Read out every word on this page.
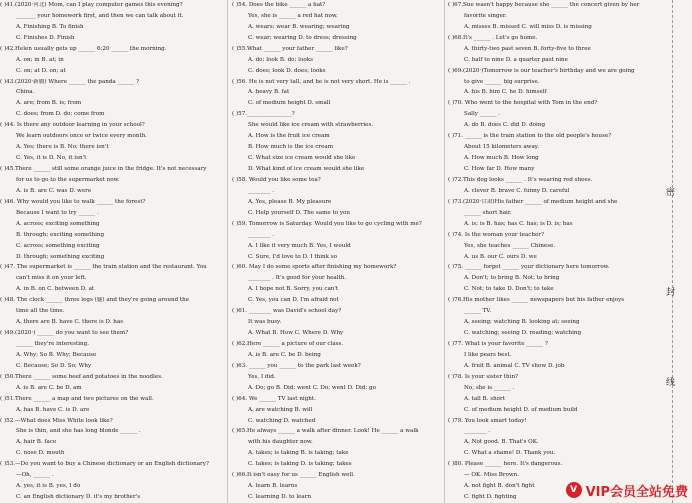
( )41.(2020·河北) Mom, can I play computer games this evening?
_______ your homework first, and then we can talk about it.
A. Finishing B. To finish
C. Finishes D. Finish
( )42.Helen usually gets up ______ 6:20 ______ the morning.
A. on; in B. at; in
C. on; at D. on; at
( )43.(2020·新疆) Where ______ the panda ______ ?
China.
A. are; from B. is; from
C. does; from D. do; come from
( )44. Is there any outdoor learning in your school?
We learn outdoors once or twice every month.
A. Yes; there is B. No; there isn't
C. Yes, it is D. No, it isn't
( )45.There ______ still some orange juice in the fridge. It's not necessary
for us to go to the supermarket now.
A. is B. are C. was D. were
( )46. Why would you like to walk ______ the forest?
Because I want to try ______ .
A. across; exciting something
B. through; exciting something
C. across; something exciting
D. through; something exciting
( )47. The supermarket is ______ the train station and the restaurant. You
can't miss it on your left.
A. in B. on C. between D. at
( )48. The clock ______ three legs (腿) and they're going around the
time all the time.
A. there are B. have C. there is D. has
( )49.(2020·) ______ do you want to see them?
______ they're interesting.
A. Why; So B. Why; Because
C. Because; So D. So; Why
( )50.There ______ some beef and potatoes in the noodles.
A. is B. are C. be D. am
( )51.There ______ a map and two pictures on the wall.
A. has B. have C. is D. are
( )52.—What does Miss White look like?
She is thin, and she has long blonde ______ .
A. hair B. face
C. nose D. mouth
( )53.—Do you want to buy a Chinese dictionary or an English dictionary?
—Oh, ______ .
A. yes, it is B. yes, I do
C. an English dictionary D. it's my brother's
( )54. Does the bike ______ a hat?
Yes, she is ______ a red hat now.
A. wears; wear B. wearing; wearing
C. wear; wearing D. to dress; dressing
( )55.What ______ your father ______ like?
A. do; look B. do; looks
C. does; look D. does; looks
( )56. He is not very tall, and he is not very short. He is ______ .
A. heavy B. fat
C. of medium height D. small
( )57.________________?
She would like ice cream with strawberries.
A. How is the fruit ice cream
B. How much is the ice cream
C. What size ice cream would she like
D. What kind of ice cream would she like
( )58. Would you like some tea?
________ .
A. Yes, please B. My pleasure
C. Help yourself D. The same to you
( )59. Tomorrow is Saturday. Would you like to go cycling with me?
________ .
A. I like it very much B. Yes, I would
C. Sure, I'd love to D. I think so
( )60. May I do some sports after finishing my homework?
________ . It's good for your health.
A. I hope not B. Sorry, you can't
C. Yes, you can D. I'm afraid not
( )61. ________ was David's school day?
It was busy.
A. What B. How C. Where D. Why
( )62.Here ______ a picture of our class.
A. is B. are C. be D. being
( )63. ______ you ______ to the park last week?
Yes, I did.
A. Do; go B. Did; went C. Do; went D. Did; go
( )64. We ______ TV last night.
A. are watching B. will
C. watching D. watched
( )65.He always ______ a walk after dinner. Look! He ______ a walk
with his daughter now.
A. takes; is taking B. is taking; take
C. takes; is taking D. is taking; takes
( )66.It isn't easy for us ______ English well.
A. learn B. learns
C. learning D. to learn
( )67.Sue wasn't happy because she ______ the concert given by her
favorite singer.
A. misses B. missed C. will miss D. is missing
( )68.It's ______ . Let's go home.
A. thirty-two past seven B. forty-five to three
C. half to nine D. a quarter past nine
( )69.(2020·)Tomorrow is our teacher's birthday and we are going
to give ______ big surprise.
A. his B. him C. he D. himself
( )70. Who went to the hospital with Tom in the end?
Sally ______ .
A. do B. does C. did D. doing
( )71. ______ is the train station to the old people's house?
About 15 kilometers away.
A. How much B. How long
C. How far D. How many
( )72.This dog looks ______ . It's wearing red shoes.
A. clever B. brave C. funny D. careful
( )73.(2020·甘肃)His father ______ of medium height and she
______ short hair.
A. is; is B. has; has C. has; is D. is; has
( )74. Is the woman your teacher?
Yes, she teaches ______ Chinese.
A. us B. our C. ours D. we
( )75. ______ forget ______ your dictionary here tomorrow.
A. Don't; to bring B. Not; to bring
C. Not; to take D. Don't; to take
( )76.His mother likes ______ newspapers but his father enjoys
______ TV.
A. seeing; watching B. looking at; seeing
C. watching; seeing D. reading; watching
( )77. What is your favorite ______ ?
I like pears best.
A. fruit B. animal C. TV show D. job
( )78. Is your sister thin?
No, she is ______ .
A. tall B. short
C. of medium height D. of medium build
( )79. You look smart today!
________ .
A. Not good. B. That's OK.
C. What a shame! D. Thank you.
( )80. Please ______ here. It's dangerous.
— OK. Miss Brown.
A. not fight B. don't fight
C. fight D. fighting
密
封
线
V VIP会员全站免费
